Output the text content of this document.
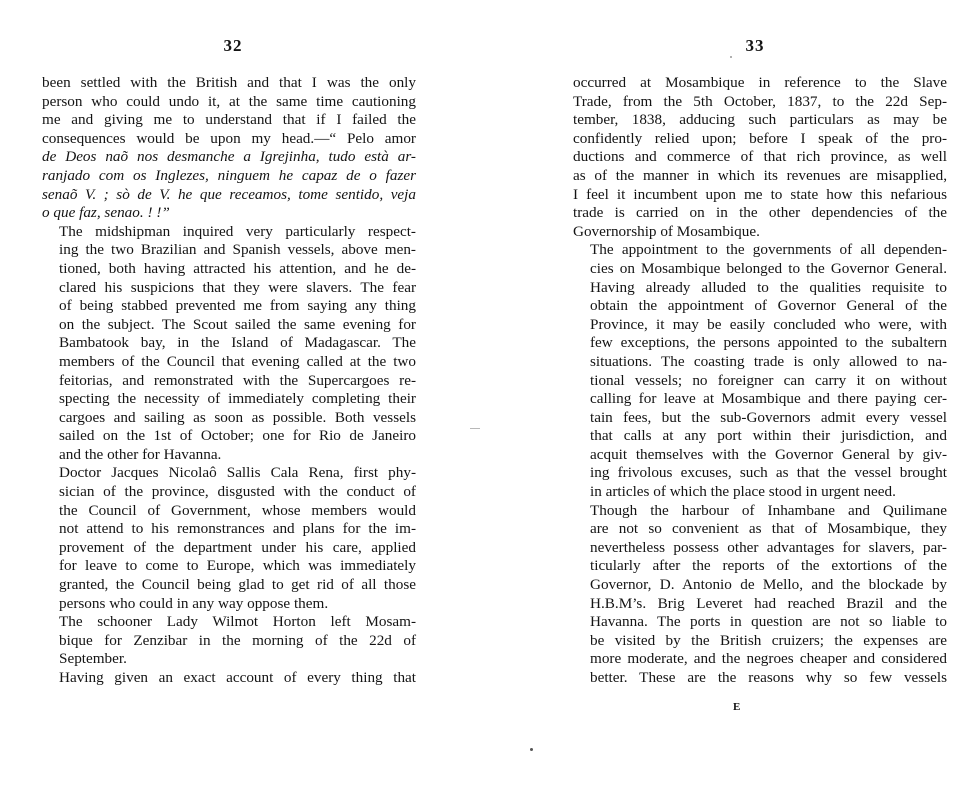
32
been settled with the British and that I was the only
person who could undo it, at the same time cautioning
me and giving me to understand that if I failed the
consequences would be upon my head.—“ Pelo amor
de Deos naõ nos desmanche a Igrejinha, tudo està ar-
ranjado com os Inglezes, ninguem he capaz de o fazer
senaõ V. ; sò de V. he que receamos, tome sentido, veja
o que faz, senao. ! !”
The midshipman inquired very particularly respect-
ing the two Brazilian and Spanish vessels, above men-
tioned, both having attracted his attention, and he de-
clared his suspicions that they were slavers. The fear
of being stabbed prevented me from saying any thing
on the subject. The Scout sailed the same evening for
Bambatook bay, in the Island of Madagascar. The
members of the Council that evening called at the two
feitorias, and remonstrated with the Supercargoes re-
specting the necessity of immediately completing their
cargoes and sailing as soon as possible. Both vessels
sailed on the 1st of October; one for Rio de Janeiro
and the other for Havanna.
Doctor Jacques Nicolaô Sallis Cala Rena, first phy-
sician of the province, disgusted with the conduct of
the Council of Government, whose members would
not attend to his remonstrances and plans for the im-
provement of the department under his care, applied
for leave to come to Europe, which was immediately
granted, the Council being glad to get rid of all those
persons who could in any way oppose them.
The schooner Lady Wilmot Horton left Mosam-
bique for Zenzibar in the morning of the 22d of
September.
Having given an exact account of every thing that
33
occurred at Mosambique in reference to the Slave
Trade, from the 5th October, 1837, to the 22d Sep-
tember, 1838, adducing such particulars as may be
confidently relied upon; before I speak of the pro-
ductions and commerce of that rich province, as well
as of the manner in which its revenues are misapplied,
I feel it incumbent upon me to state how this nefarious
trade is carried on in the other dependencies of the
Governorship of Mosambique.
The appointment to the governments of all dependen-
cies on Mosambique belonged to the Governor General.
Having already alluded to the qualities requisite to
obtain the appointment of Governor General of the
Province, it may be easily concluded who were, with
few exceptions, the persons appointed to the subaltern
situations. The coasting trade is only allowed to na-
tional vessels; no foreigner can carry it on without
calling for leave at Mosambique and there paying cer-
tain fees, but the sub-Governors admit every vessel
that calls at any port within their jurisdiction, and
acquit themselves with the Governor General by giv-
ing frivolous excuses, such as that the vessel brought
in articles of which the place stood in urgent need.
Though the harbour of Inhambane and Quilimane
are not so convenient as that of Mosambique, they
nevertheless possess other advantages for slavers, par-
ticularly after the reports of the extortions of the
Governor, D. Antonio de Mello, and the blockade by
H.B.M’s. Brig Leveret had reached Brazil and the
Havanna. The ports in question are not so liable to
be visited by the British cruizers; the expenses are
more moderate, and the negroes cheaper and considered
better. These are the reasons why so few vessels
E
